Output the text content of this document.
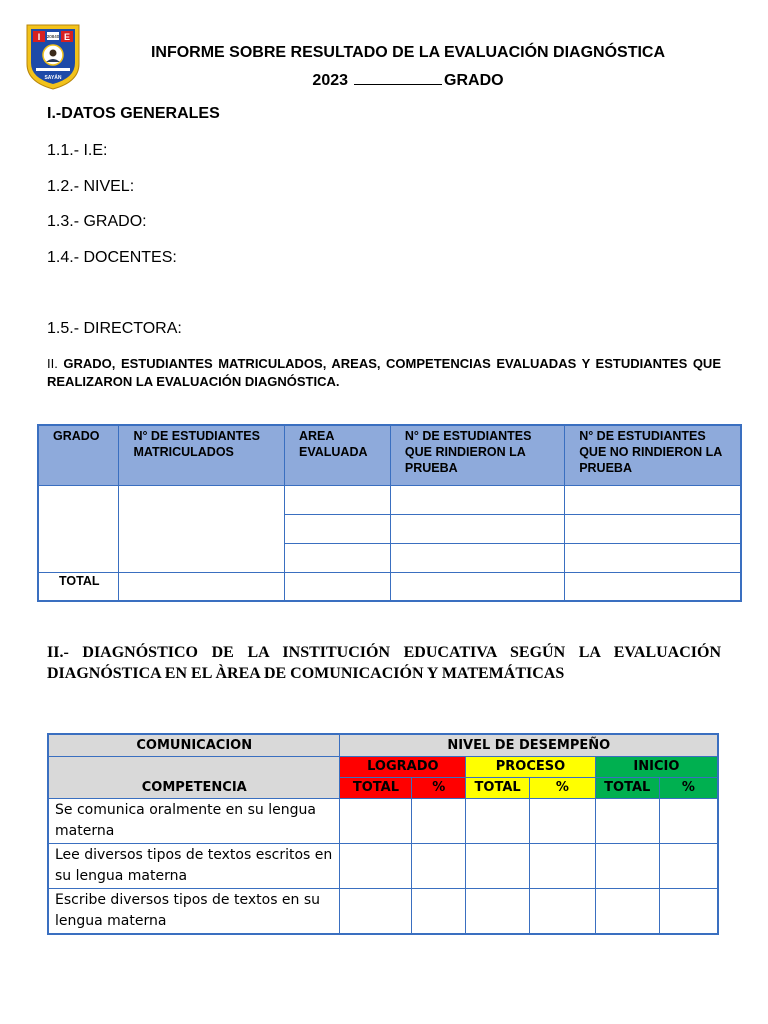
I	E
20840
SAYÁN
INFORME SOBRE RESULTADO DE LA EVALUACIÓN DIAGNÓSTICA
2023	GRADO
I.-DATOS GENERALES
1.1.- I.E:
1.2.- NIVEL:
1.3.- GRADO:
1.4.- DOCENTES:
1.5.- DIRECTORA:
II. GRADO, ESTUDIANTES MATRICULADOS, AREAS, COMPETENCIAS EVALUADAS Y ESTUDIANTES QUE REALIZARON LA EVALUACIÓN DIAGNÓSTICA.
GRADO	N° DE ESTUDIANTES MATRICULADOS	AREA EVALUADA	N° DE ESTUDIANTES QUE RINDIERON LA PRUEBA	N° DE ESTUDIANTES QUE NO RINDIERON LA PRUEBA

TOTAL				
II.- DIAGNÓSTICO DE LA INSTITUCIÓN EDUCATIVA SEGÚN LA EVALUACIÓN DIAGNÓSTICA EN EL ÀREA DE COMUNICACIÓN Y MATEMÁTICAS
COMUNICACION	NIVEL DE DESEMPEÑO					
COMPETENCIA	LOGRADO		PROCESO		INICIO	
	TOTAL	%	TOTAL	%	TOTAL	%
Se comunica oralmente en su lengua materna						
Lee diversos tipos de textos escritos en su lengua materna						
Escribe diversos tipos de textos en su lengua materna						
